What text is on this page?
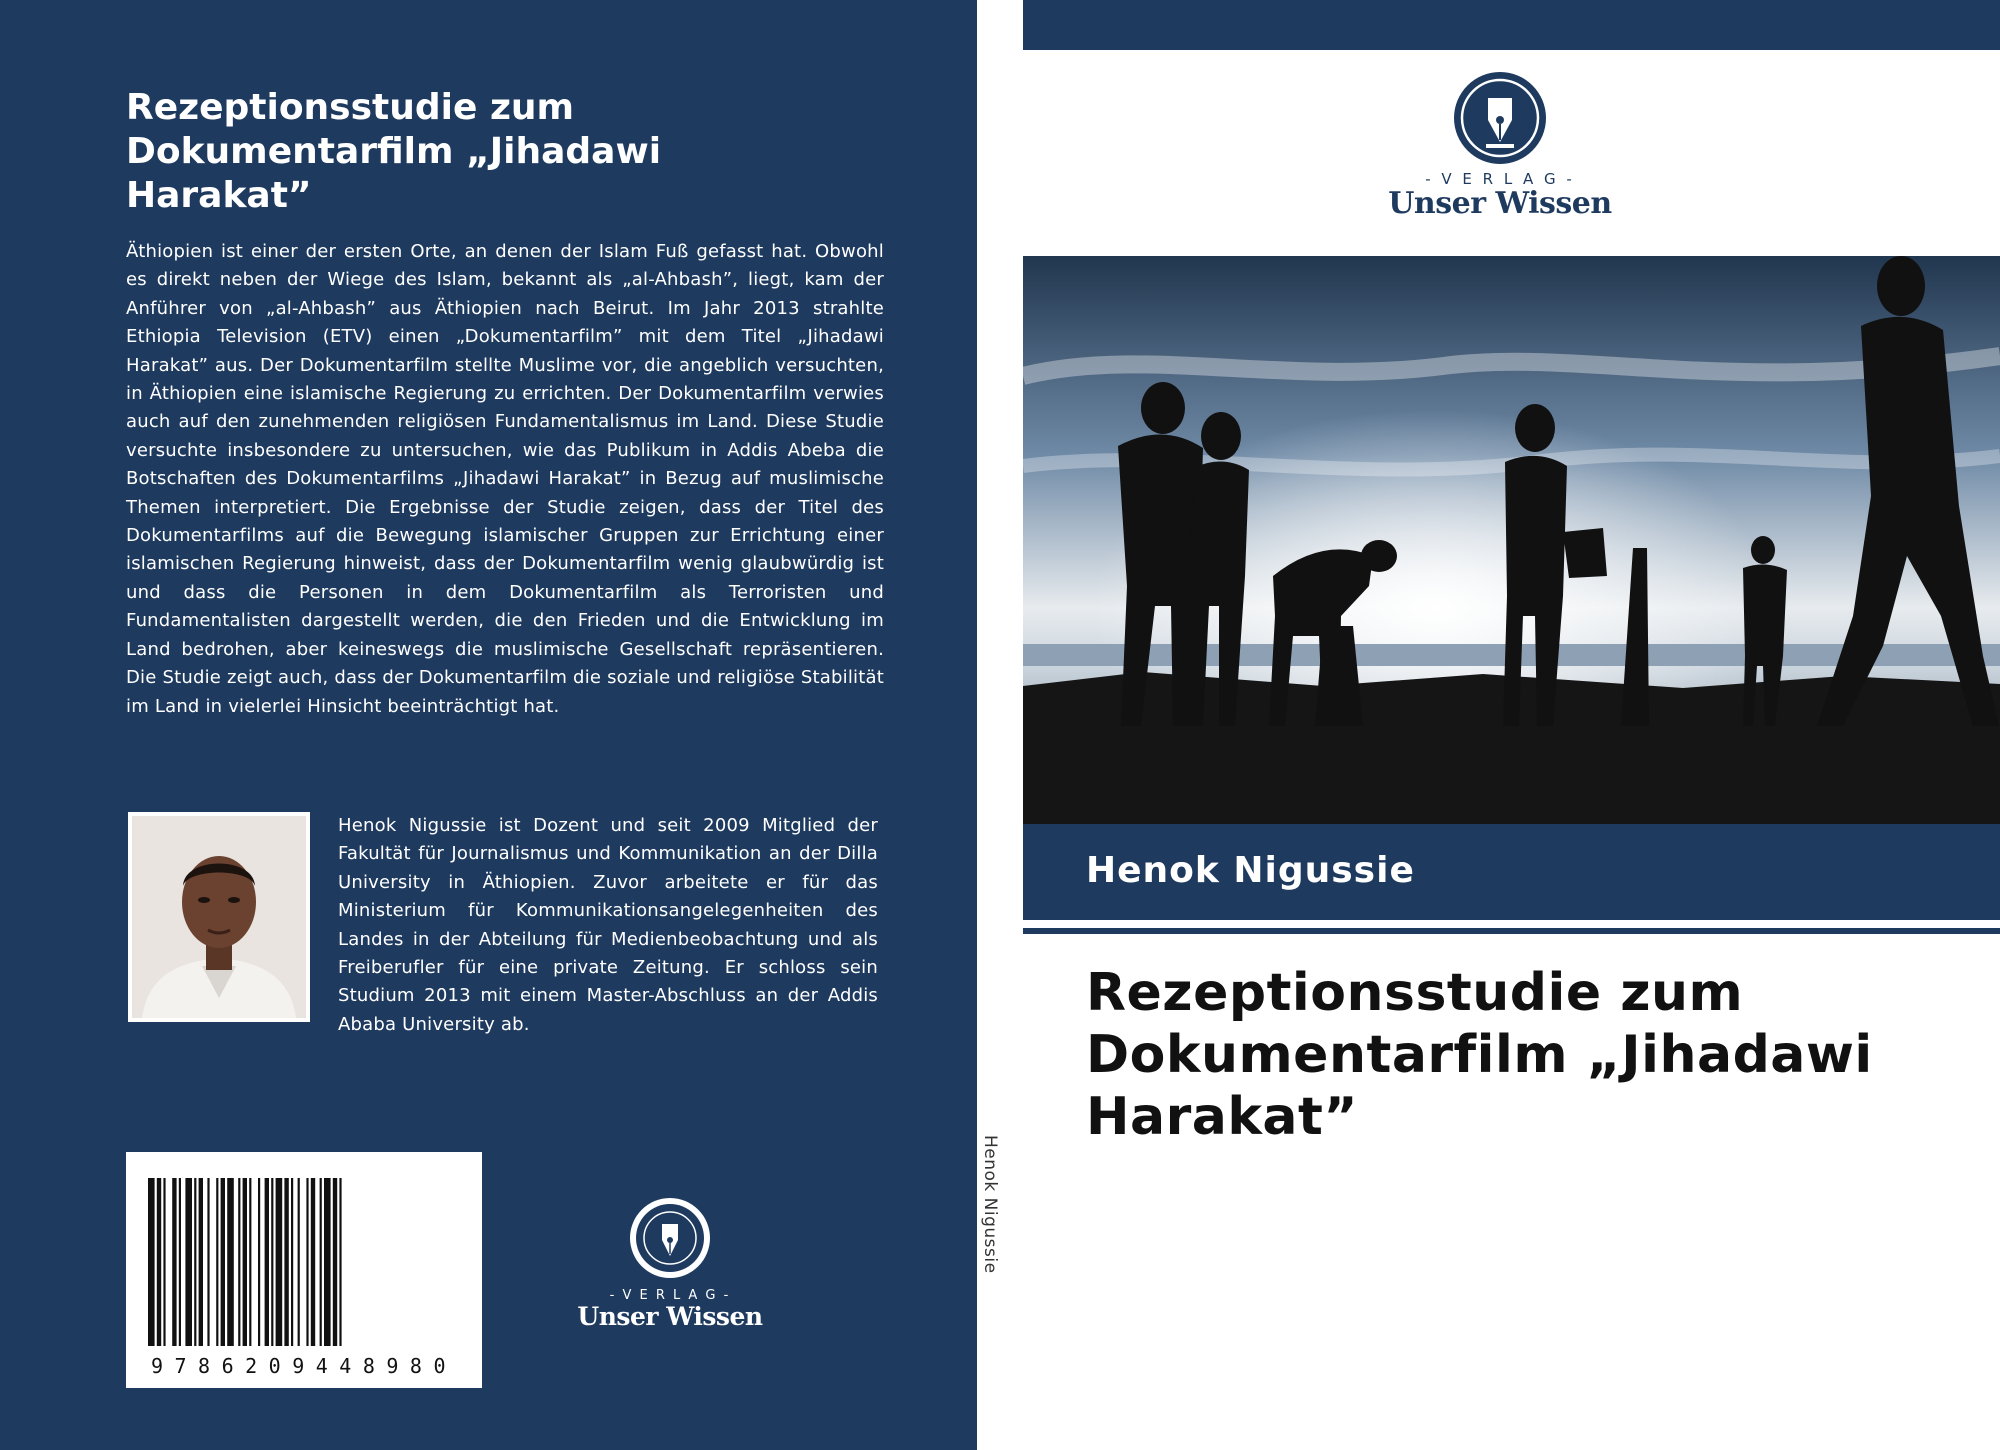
Rezeptionsstudie zum Dokumentarfilm „Jihadawi Harakat”

Äthiopien ist einer der ersten Orte, an denen der Islam Fuß gefasst hat. Obwohl es direkt neben der Wiege des Islam, bekannt als „al-Ahbash”, liegt, kam der Anführer von „al-Ahbash” aus Äthiopien nach Beirut. Im Jahr 2013 strahlte Ethiopia Television (ETV) einen „Dokumentarfilm” mit dem Titel „Jihadawi Harakat” aus. Der Dokumentarfilm stellte Muslime vor, die angeblich versuchten, in Äthiopien eine islamische Regierung zu errichten. Der Dokumentarfilm verwies auch auf den zunehmenden religiösen Fundamentalismus im Land. Diese Studie versuchte insbesondere zu untersuchen, wie das Publikum in Addis Abeba die Botschaften des Dokumentarfilms „Jihadawi Harakat” in Bezug auf muslimische Themen interpretiert. Die Ergebnisse der Studie zeigen, dass der Titel des Dokumentarfilms auf die Bewegung islamischer Gruppen zur Errichtung einer islamischen Regierung hinweist, dass der Dokumentarfilm wenig glaubwürdig ist und dass die Personen in dem Dokumentarfilm als Terroristen und Fundamentalisten dargestellt werden, die den Frieden und die Entwicklung im Land bedrohen, aber keineswegs die muslimische Gesellschaft repräsentieren. Die Studie zeigt auch, dass der Dokumentarfilm die soziale und religiöse Stabilität im Land in vielerlei Hinsicht beeinträchtigt hat.

Henok Nigussie ist Dozent und seit 2009 Mitglied der Fakultät für Journalismus und Kommunikation an der Dilla University in Äthiopien. Zuvor arbeitete er für das Ministerium für Kommunikationsangelegenheiten des Landes in der Abteilung für Medienbeobachtung und als Freiberufler für eine private Zeitung. Er schloss sein Studium 2013 mit einem Master-Abschluss an der Addis Ababa University ab.

9786209448980
- V E R L A G -
Unser Wissen
Henok Nigussie
- V E R L A G -
Unser Wissen
Henok Nigussie
Rezeptionsstudie zum Dokumentarfilm „Jihadawi Harakat”
